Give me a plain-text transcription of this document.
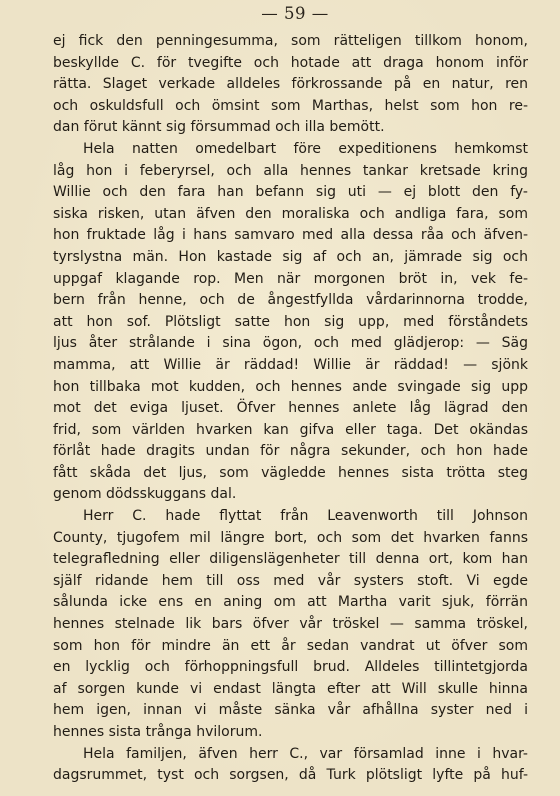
— 59 —
ej fick den penningesumma, som rätteligen tillkom honom,
beskyllde C. för tvegifte och hotade att draga honom inför
rätta. Slaget verkade alldeles förkrossande på en natur, ren
och oskuldsfull och ömsint som Marthas, helst som hon re-
dan förut kännt sig försummad och illa bemött.
Hela natten omedelbart före expeditionens hemkomst
låg hon i feberyrsel, och alla hennes tankar kretsade kring
Willie och den fara han befann sig uti — ej blott den fy-
siska risken, utan äfven den moraliska och andliga fara, som
hon fruktade låg i hans samvaro med alla dessa råa och äfven-
tyrslystna män. Hon kastade sig af och an, jämrade sig och
uppgaf klagande rop. Men när morgonen bröt in, vek fe-
bern från henne, och de ångestfyllda vårdarinnorna trodde,
att hon sof. Plötsligt satte hon sig upp, med förståndets
ljus åter strålande i sina ögon, och med glädjerop: — Säg
mamma, att Willie är räddad! Willie är räddad! — sjönk
hon tillbaka mot kudden, och hennes ande svingade sig upp
mot det eviga ljuset. Öfver hennes anlete låg lägrad den
frid, som världen hvarken kan gifva eller taga. Det okändas
förlåt hade dragits undan för några sekunder, och hon hade
fått skåda det ljus, som vägledde hennes sista trötta steg
genom dödsskuggans dal.
Herr C. hade flyttat från Leavenworth till Johnson
County, tjugofem mil längre bort, och som det hvarken fanns
telegrafledning eller diligenslägenheter till denna ort, kom han
själf ridande hem till oss med vår systers stoft. Vi egde
sålunda icke ens en aning om att Martha varit sjuk, förrän
hennes stelnade lik bars öfver vår tröskel — samma tröskel,
som hon för mindre än ett år sedan vandrat ut öfver som
en lycklig och förhoppningsfull brud. Alldeles tillintetgjorda
af sorgen kunde vi endast längta efter att Will skulle hinna
hem igen, innan vi måste sänka vår afhållna syster ned i
hennes sista trånga hvilorum.
Hela familjen, äfven herr C., var församlad inne i hvar-
dagsrummet, tyst och sorgsen, då Turk plötsligt lyfte på huf-
